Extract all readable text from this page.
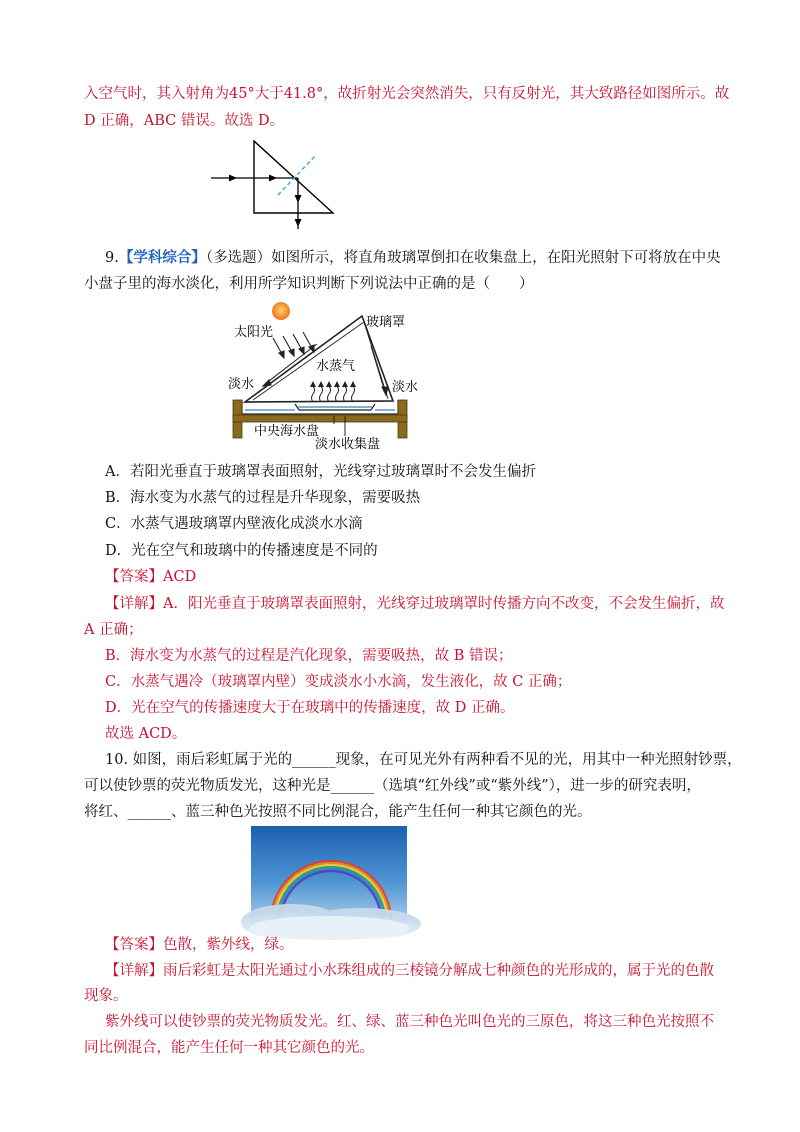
入空气时，其入射角为45°大于41.8°，故折射光会突然消失，只有反射光，其大致路径如图所示。故
D 正确，ABC 错误。故选 D。
9.【学科综合】（多选题）如图所示，将直角玻璃罩倒扣在收集盘上，在阳光照射下可将放在中央
小盘子里的海水淡化，利用所学知识判断下列说法中正确的是（　　）
太阳光
玻璃罩
水蒸气
淡水	淡水
中央海水盘
淡水收集盘
A．若阳光垂直于玻璃罩表面照射，光线穿过玻璃罩时不会发生偏折
B．海水变为水蒸气的过程是升华现象，需要吸热
C．水蒸气遇玻璃罩内壁液化成淡水水滴
D．光在空气和玻璃中的传播速度是不同的
【答案】ACD
【详解】A．阳光垂直于玻璃罩表面照射，光线穿过玻璃罩时传播方向不改变，不会发生偏折，故
A 正确；
B．海水变为水蒸气的过程是汽化现象，需要吸热，故 B 错误；
C．水蒸气遇冷（玻璃罩内壁）变成淡水小水滴，发生液化，故 C 正确；
D．光在空气的传播速度大于在玻璃中的传播速度，故 D 正确。
故选 ACD。
10. 如图，雨后彩虹属于光的______现象，在可见光外有两种看不见的光，用其中一种光照射钞票，
可以使钞票的荧光物质发光，这种光是______（选填“红外线”或“紫外线”），进一步的研究表明，
将红、______、蓝三种色光按照不同比例混合，能产生任何一种其它颜色的光。
【答案】色散，紫外线，绿。
【详解】雨后彩虹是太阳光通过小水珠组成的三棱镜分解成七种颜色的光形成的，属于光的色散
现象。
紫外线可以使钞票的荧光物质发光。红、绿、蓝三种色光叫色光的三原色，将这三种色光按照不
同比例混合，能产生任何一种其它颜色的光。
